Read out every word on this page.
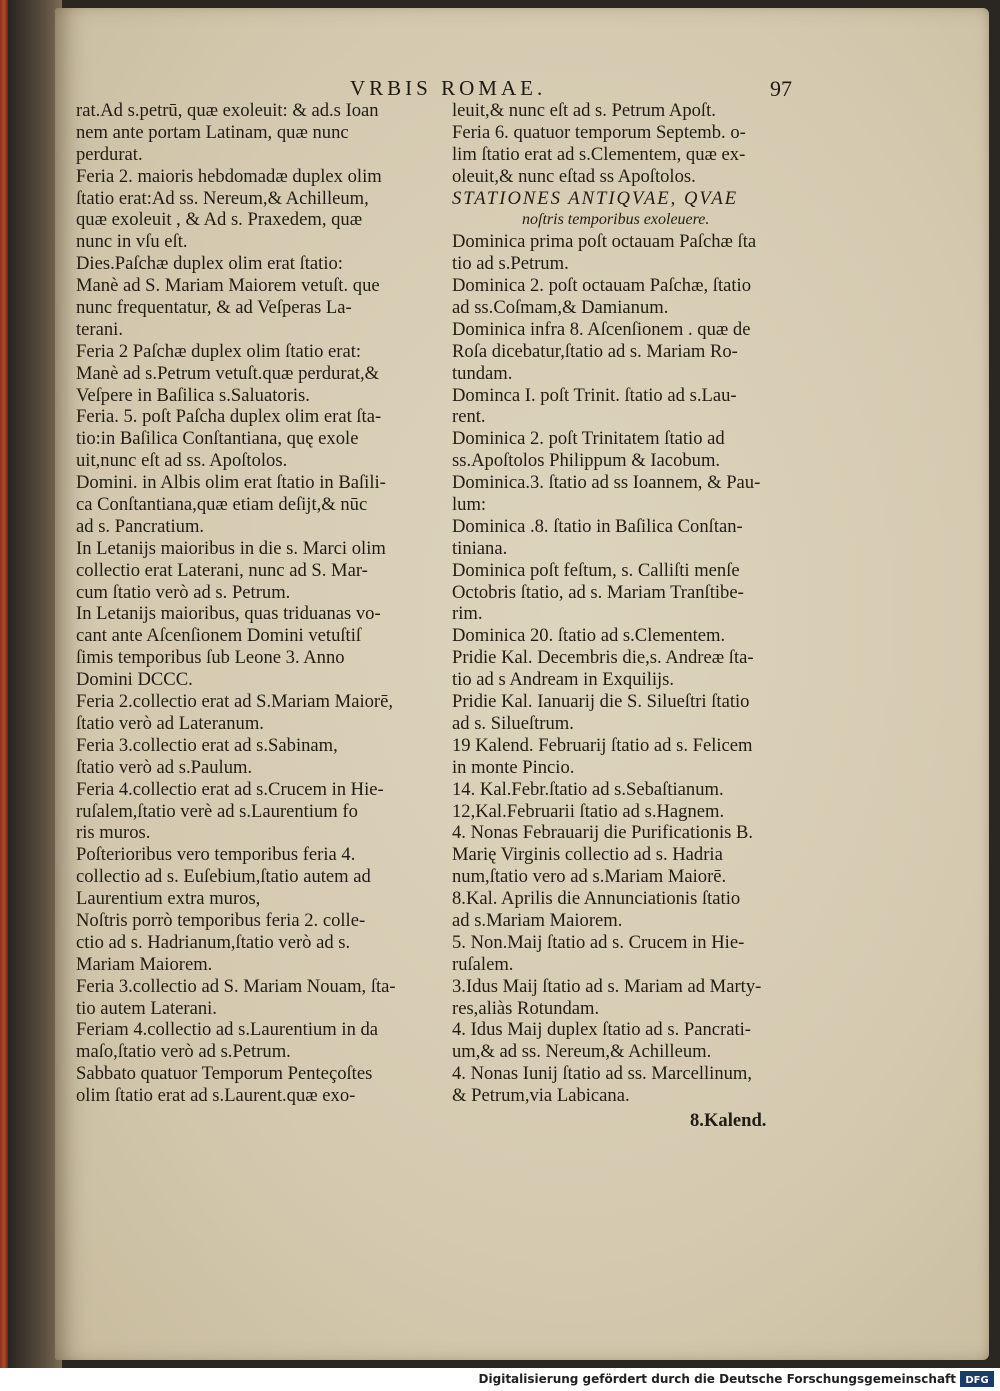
VRBIS ROMAE.	97
rat.Ad s.petrū, quæ exoleuit: & ad.s Ioan
nem ante portam Latinam, quæ nunc
perdurat.
Feria 2. maioris hebdomadæ duplex olim
ſtatio erat:Ad ss. Nereum,& Achilleum,
quæ exoleuit , & Ad s. Praxedem, quæ
nunc in vſu eſt.
Dies.Paſchæ duplex olim erat ſtatio:
Manè ad S. Mariam Maiorem vetuſt. que
nunc frequentatur, & ad Veſperas La-
terani.
Feria 2 Paſchæ duplex olim ſtatio erat:
Manè ad s.Petrum vetuſt.quæ perdurat,&
Veſpere in Baſilica s.Saluatoris.
Feria. 5. poſt Paſcha duplex olim erat ſta-
tio:in Baſilica Conſtantiana, quę exole
uit,nunc eſt ad ss. Apoſtolos.
Domini. in Albis olim erat ſtatio in Baſili-
ca Conſtantiana,quæ etiam deſijt,& nūc
ad s. Pancratium.
In Letanijs maioribus in die s. Marci olim
collectio erat Laterani, nunc ad S. Mar-
cum ſtatio verò ad s. Petrum.
In Letanijs maioribus, quas triduanas vo-
cant ante Aſcenſionem Domini vetuſtiſ
ſimis temporibus ſub Leone 3. Anno
Domini DCCC.
Feria 2.collectio erat ad S.Mariam Maiorē,
ſtatio verò ad Lateranum.
Feria 3.collectio erat ad s.Sabinam,
ſtatio verò ad s.Paulum.
Feria 4.collectio erat ad s.Crucem in Hie-
ruſalem,ſtatio verè ad s.Laurentium fo
ris muros.
Poſterioribus vero temporibus feria 4.
collectio ad s. Euſebium,ſtatio autem ad
Laurentium extra muros,
Noſtris porrò temporibus feria 2. colle-
ctio ad s. Hadrianum,ſtatio verò ad s.
Mariam Maiorem.
Feria 3.collectio ad S. Mariam Nouam, ſta-
tio autem Laterani.
Feriam 4.collectio ad s.Laurentium in da
maſo,ſtatio verò ad s.Petrum.
Sabbato quatuor Temporum Penteçoſtes
olim ſtatio erat ad s.Laurent.quæ exo-
leuit,& nunc eſt ad s. Petrum Apoſt.
Feria 6. quatuor temporum Septemb. o-
lim ſtatio erat ad s.Clementem, quæ ex-
oleuit,& nunc eſtad ss Apoſtolos.
STATIONES ANTIQVAE, QVAE
noſtris temporibus exoleuere.
Dominica prima poſt octauam Paſchæ ſta
tio ad s.Petrum.
Dominica 2. poſt octauam Paſchæ, ſtatio
ad ss.Coſmam,& Damianum.
Dominica infra 8. Aſcenſionem . quæ de
Roſa dicebatur,ſtatio ad s. Mariam Ro-
tundam.
Dominca I. poſt Trinit. ſtatio ad s.Lau-
rent.
Dominica 2. poſt Trinitatem ſtatio ad
ss.Apoſtolos Philippum & Iacobum.
Dominica.3. ſtatio ad ss Ioannem, & Pau-
lum:
Dominica .8. ſtatio in Baſilica Conſtan-
tiniana.
Dominica poſt feſtum, s. Calliſti menſe
Octobris ſtatio, ad s. Mariam Tranſtibe-
rim.
Dominica 20. ſtatio ad s.Clementem.
Pridie Kal. Decembris die,s. Andreæ ſta-
tio ad s Andream in Exquilijs.
Pridie Kal. Ianuarij die S. Silueſtri ſtatio
ad s. Silueſtrum.
19 Kalend. Februarij ſtatio ad s. Felicem
in monte Pincio.
14. Kal.Febr.ſtatio ad s.Sebaſtianum.
12,Kal.Februarii ſtatio ad s.Hagnem.
4. Nonas Febrauarij die Purificationis B.
Marię Virginis collectio ad s. Hadria
num,ſtatio vero ad s.Mariam Maiorē.
8.Kal. Aprilis die Annunciationis ſtatio
ad s.Mariam Maiorem.
5. Non.Maij ſtatio ad s. Crucem in Hie-
ruſalem.
3.Idus Maij ſtatio ad s. Mariam ad Marty-
res,aliàs Rotundam.
4. Idus Maij duplex ſtatio ad s. Pancrati-
um,& ad ss. Nereum,& Achilleum.
4. Nonas Iunij ſtatio ad ss. Marcellinum,
& Petrum,via Labicana.
8.Kalend.
Digitalisierung gefördert durch die Deutsche Forschungsgemeinschaft DFG
